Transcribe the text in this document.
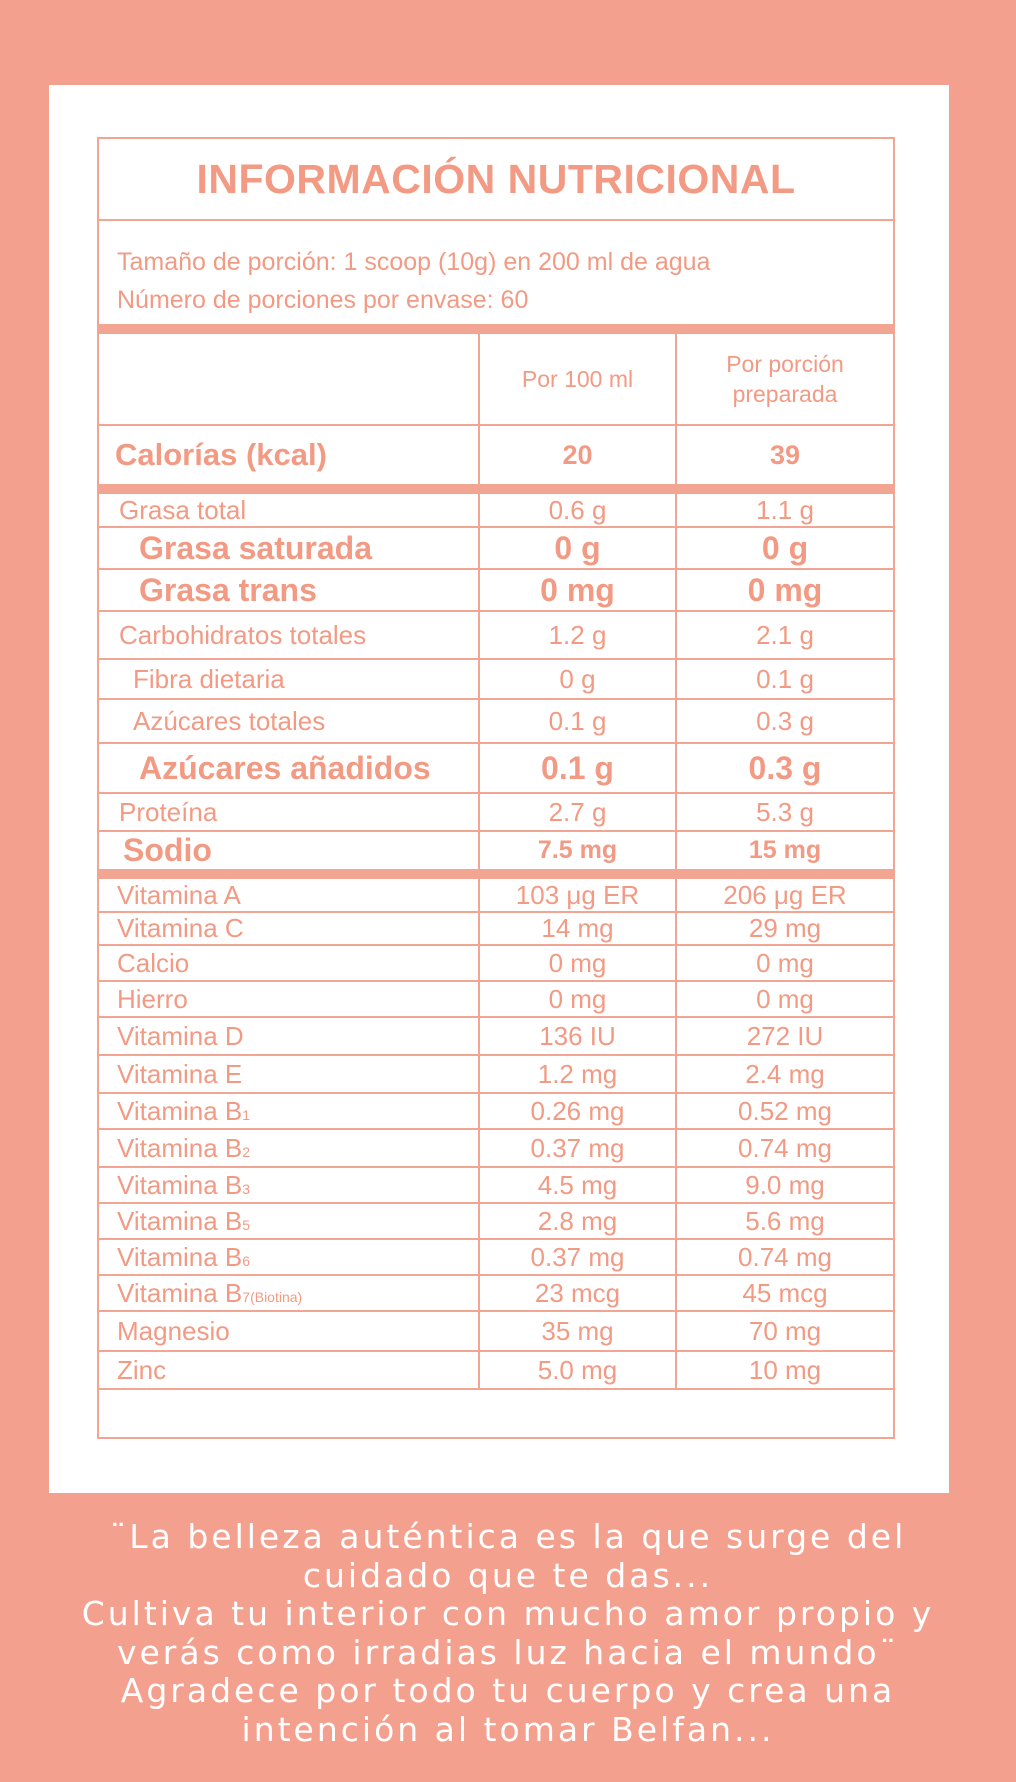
INFORMACIÓN NUTRICIONAL
Tamaño de porción: 1 scoop (10g) en 200 ml de agua
Número de porciones por envase: 60
	Por 100 ml	Por porción
preparada
Calorías (kcal)	20	39
Grasa total	0.6 g	1.1 g
Grasa saturada	0 g	0 g
Grasa trans	0 mg	0 mg
Carbohidratos totales	1.2 g	2.1 g
Fibra dietaria	0 g	0.1 g
Azúcares totales	0.1 g	0.3 g
Azúcares añadidos	0.1 g	0.3 g
Proteína	2.7 g	5.3 g
Sodio	7.5 mg	15 mg
Vitamina A	103 μg ER	206 μg ER
Vitamina C	14 mg	29 mg
Calcio	0 mg	0 mg
Hierro	0 mg	0 mg
Vitamina D	136 IU	272 IU
Vitamina E	1.2 mg	2.4 mg
Vitamina B1	0.26 mg	0.52 mg
Vitamina B2	0.37 mg	0.74 mg
Vitamina B3	4.5 mg	9.0 mg
Vitamina B5	2.8 mg	5.6 mg
Vitamina B6	0.37 mg	0.74 mg
Vitamina B7(Biotina)	23 mcg	45 mcg
Magnesio	35 mg	70 mg
Zinc	5.0 mg	10 mg
¨La belleza auténtica es la que surge del
cuidado que te das...
Cultiva tu interior con mucho amor propio y
verás como irradias luz hacia el mundo¨
Agradece por todo tu cuerpo y crea una
intención al tomar Belfan...
